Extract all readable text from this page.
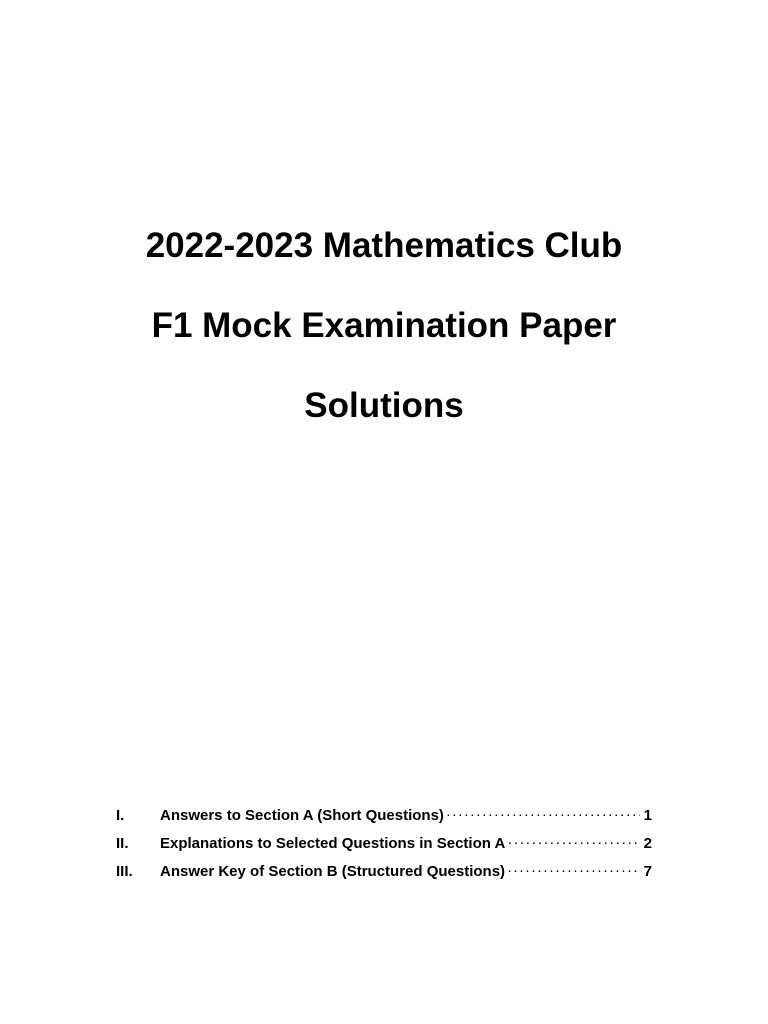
2022-2023 Mathematics Club
F1 Mock Examination Paper
Solutions
I. Answers to Section A (Short Questions) ·····	1
II. Explanations to Selected Questions in Section A ·····	2
III. Answer Key of Section B (Structured Questions) ·····	7
